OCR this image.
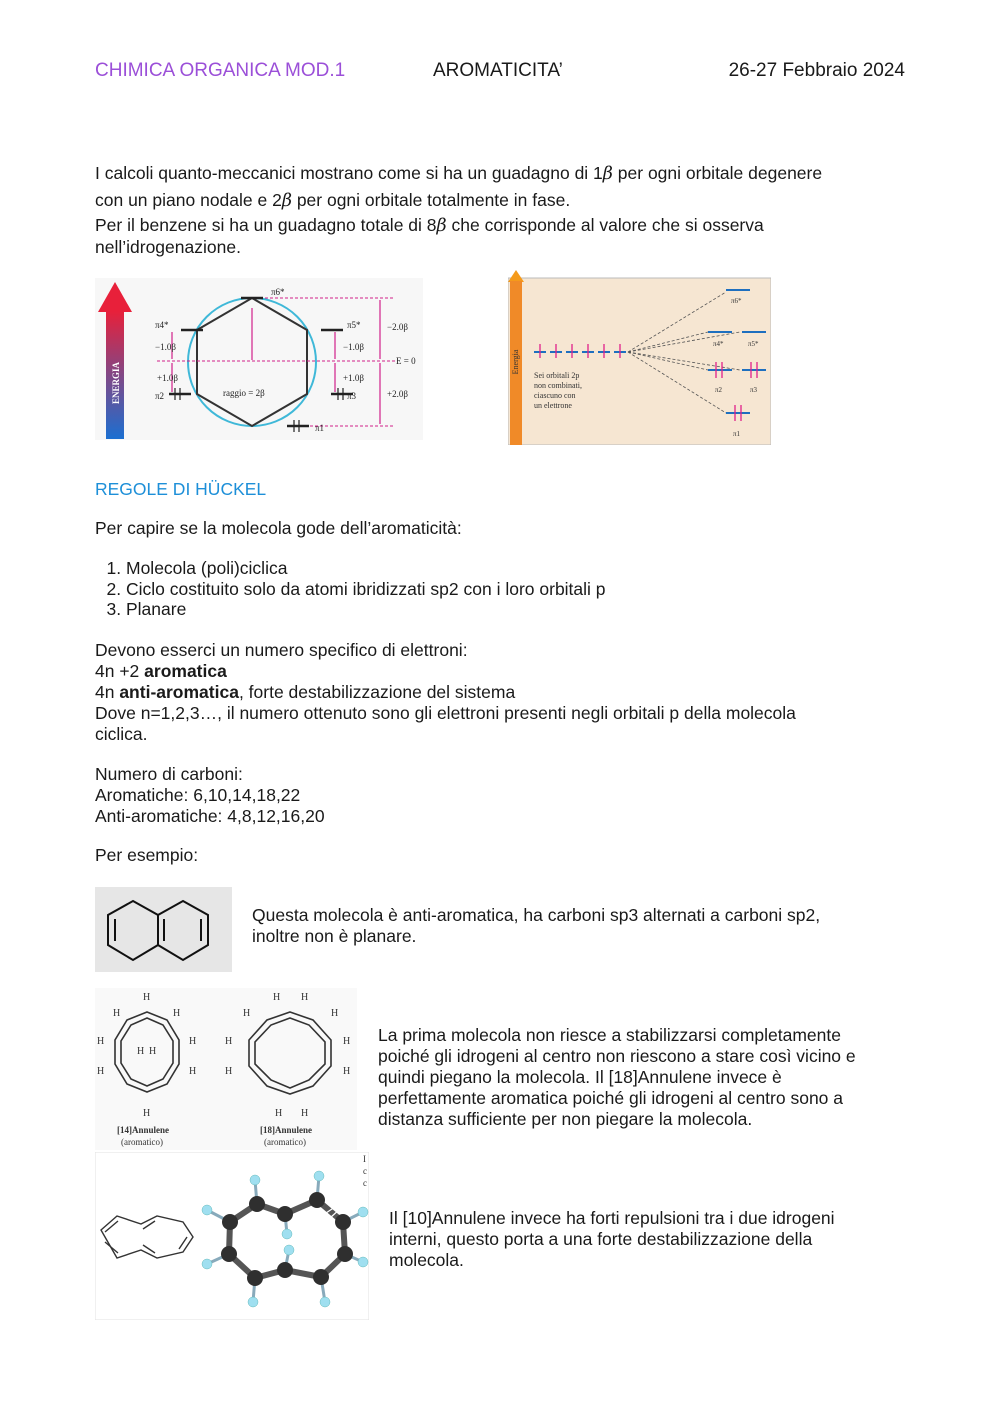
CHIMICA ORGANICA MOD.1	AROMATICITA’	26-27 Febbraio 2024

I calcoli quanto-meccanici mostrano come si ha un guadagno di 1β per ogni orbitale degenere

con un piano nodale e 2β per ogni orbitale totalmente in fase.

Per il benzene si ha un guadagno totale di 8β che corrisponde al valore che si osserva

nell’idrogenazione.

ENERGIA
π4*
−1.0β
+1.0β
π2
π6*
π5*
−1.0β
+1.0β
π3
π1
−2.0β
E = 0
+2.0β
raggio = 2β
Energia
π6*
π4*	π5*
π2	π3
π1
Sei orbitali 2p
non combinati,
ciascuno con
un elettrone
REGOLE DI HÜCKEL

Per capire se la molecola gode dell’aromaticità:

1. Molecola (poli)ciclica
2. Ciclo costituito solo da atomi ibridizzati sp2 con i loro orbitali p
3. Planare

Devono esserci un numero specifico di elettroni:

4n +2 aromatica

4n anti-aromatica, forte destabilizzazione del sistema

Dove n=1,2,3…, il numero ottenuto sono gli elettroni presenti negli orbitali p della molecola

ciclica.

Numero di carboni:

Aromatiche: 6,10,14,18,22

Anti-aromatiche: 4,8,12,16,20

Per esempio:

Questa molecola è anti-aromatica, ha carboni sp3 alternati a carboni sp2,

inoltre non è planare.

H
H	H
H	H
H	H
H H
H
H
H H
H
H	H
H	H
H H
[14]Annulene
(aromatico)
[18]Annulene
(aromatico)

La prima molecola non riesce a stabilizzarsi completamente

poiché gli idrogeni al centro non riescono a stare così vicino e

quindi piegano la molecola. Il [18]Annulene invece è

perfettamente aromatica poiché gli idrogeni al centro sono a

distanza sufficiente per non piegare la molecola.

I
c
c

Il [10]Annulene invece ha forti repulsioni tra i due idrogeni

interni, questo porta a una forte destabilizzazione della

molecola.
